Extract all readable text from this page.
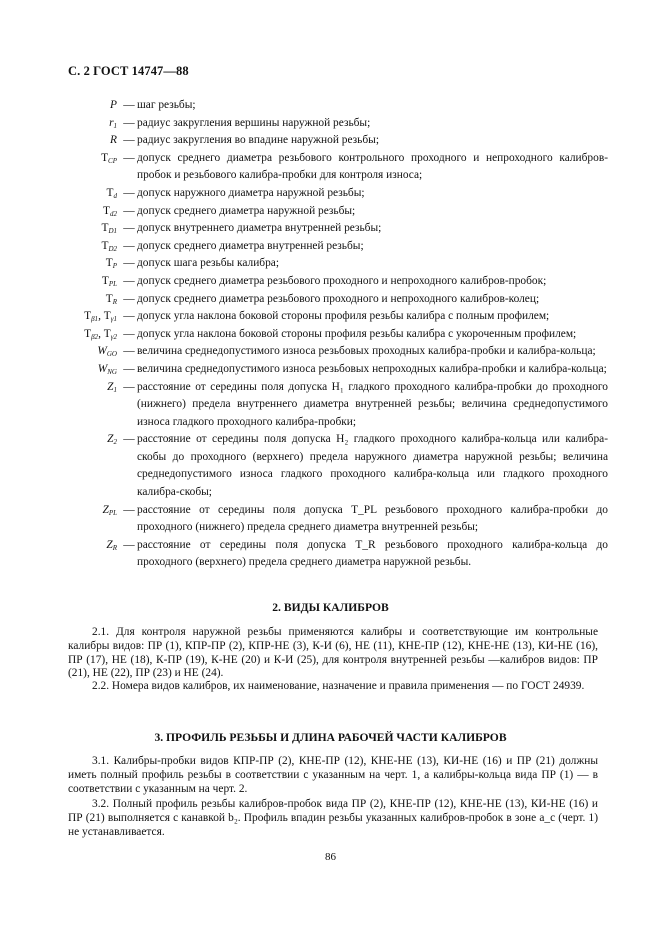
С. 2 ГОСТ 14747—88
P — шаг резьбы;
$r_1$ — радиус закругления вершины наружной резьбы;
R — радиус закругления во впадине наружной резьбы;
$T_{CP}$ — допуск среднего диаметра резьбового контрольного проходного и непроходного калибров-пробок и резьбового калибра-пробки для контроля износа;
$T_d$ — допуск наружного диаметра наружной резьбы;
$T_{d2}$ — допуск среднего диаметра наружной резьбы;
$T_{D1}$ — допуск внутреннего диаметра внутренней резьбы;
$T_{D2}$ — допуск среднего диаметра внутренней резьбы;
$T_P$ — допуск шага резьбы калибра;
$T_{PL}$ — допуск среднего диаметра резьбового проходного и непроходного калибров-пробок;
$T_R$ — допуск среднего диаметра резьбового проходного и непроходного калибров-колец;
$T_{\beta 1}$, $T_{\gamma 1}$ — допуск угла наклона боковой стороны профиля резьбы калибра с полным профилем;
$T_{\beta 2}$, $T_{\gamma 2}$ — допуск угла наклона боковой стороны профиля резьбы калибра с укороченным профилем;
$W_{GO}$ — величина среднедопустимого износа резьбовых проходных калибра-пробки и калибра-кольца;
$W_{NG}$ — величина среднедопустимого износа резьбовых непроходных калибра-пробки и калибра-кольца;
$Z_1$ — расстояние от середины поля допуска H₁ гладкого проходного калибра-пробки до проходного (нижнего) предела внутреннего диаметра внутренней резьбы; величина среднедопустимого износа гладкого проходного калибра-пробки;
$Z_2$ — расстояние от середины поля допуска H₂ гладкого проходного калибра-кольца или калибра-скобы до проходного (верхнего) предела наружного диаметра наружной резьбы; величина среднедопустимого износа гладкого проходного калибра-кольца или гладкого проходного калибра-скобы;
$Z_{PL}$ — расстояние от середины поля допуска T_PL резьбового проходного калибра-пробки до проходного (нижнего) предела среднего диаметра внутренней резьбы;
$Z_R$ — расстояние от середины поля допуска T_R резьбового проходного калибра-кольца до проходного (верхнего) предела среднего диаметра наружной резьбы.
2. ВИДЫ КАЛИБРОВ
2.1. Для контроля наружной резьбы применяются калибры и соответствующие им контрольные калибры видов: ПР (1), КПР-ПР (2), КПР-НЕ (3), К-И (6), НЕ (11), КНЕ-ПР (12), КНЕ-НЕ (13), КИ-НЕ (16), ПР (17), НЕ (18), К-ПР (19), К-НЕ (20) и К-И (25), для контроля внутренней резьбы —калибров видов: ПР (21), НЕ (22), ПР (23) и НЕ (24).
2.2. Номера видов калибров, их наименование, назначение и правила применения — по ГОСТ 24939.
3. ПРОФИЛЬ РЕЗЬБЫ И ДЛИНА РАБОЧЕЙ ЧАСТИ КАЛИБРОВ
3.1. Калибры-пробки видов КПР-ПР (2), КНЕ-ПР (12), КНЕ-НЕ (13), КИ-НЕ (16) и ПР (21) должны иметь полный профиль резьбы в соответствии с указанным на черт. 1, а калибры-кольца вида ПР (1) — в соответствии с указанным на черт. 2.
3.2. Полный профиль резьбы калибров-пробок вида ПР (2), КНЕ-ПР (12), КНЕ-НЕ (13), КИ-НЕ (16) и ПР (21) выполняется с канавкой b₂. Профиль впадин резьбы указанных калибров-пробок в зоне a_c (черт. 1) не устанавливается.
86
